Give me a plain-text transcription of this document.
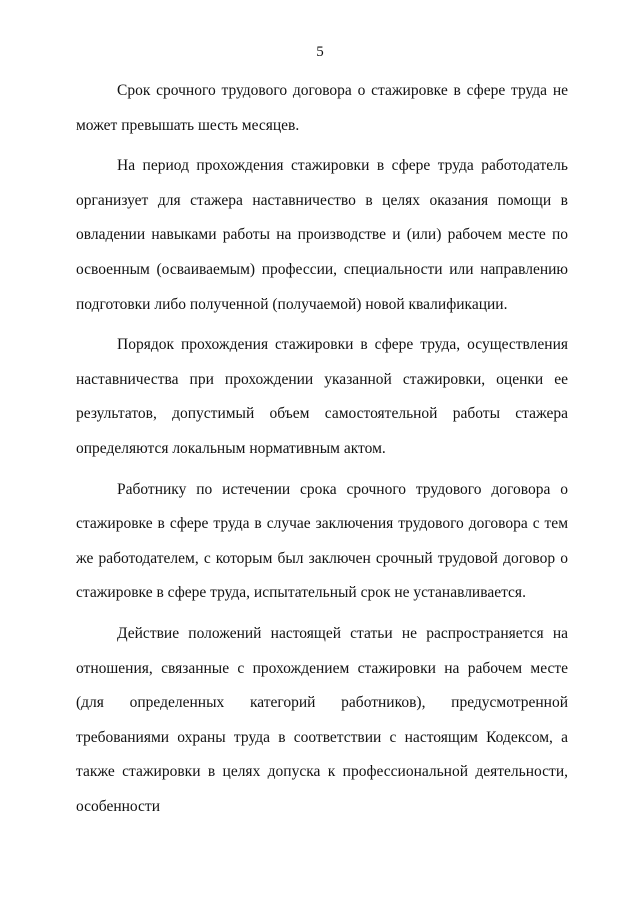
5

Срок срочного трудового договора о стажировке в сфере труда не может превышать шесть месяцев.

На период прохождения стажировки в сфере труда работодатель организует для стажера наставничество в целях оказания помощи в овладении навыками работы на производстве и (или) рабочем месте по освоенным (осваиваемым) профессии, специальности или направлению подготовки либо полученной (получаемой) новой квалификации.

Порядок прохождения стажировки в сфере труда, осуществления наставничества при прохождении указанной стажировки, оценки ее результатов, допустимый объем самостоятельной работы стажера определяются локальным нормативным актом.

Работнику по истечении срока срочного трудового договора о стажировке в сфере труда в случае заключения трудового договора с тем же работодателем, с которым был заключен срочный трудовой договор о стажировке в сфере труда, испытательный срок не устанавливается.

Действие положений настоящей статьи не распространяется на отношения, связанные с прохождением стажировки на рабочем месте (для определенных категорий работников), предусмотренной требованиями охраны труда в соответствии с настоящим Кодексом, а также стажировки в целях допуска к профессиональной деятельности, особенности
